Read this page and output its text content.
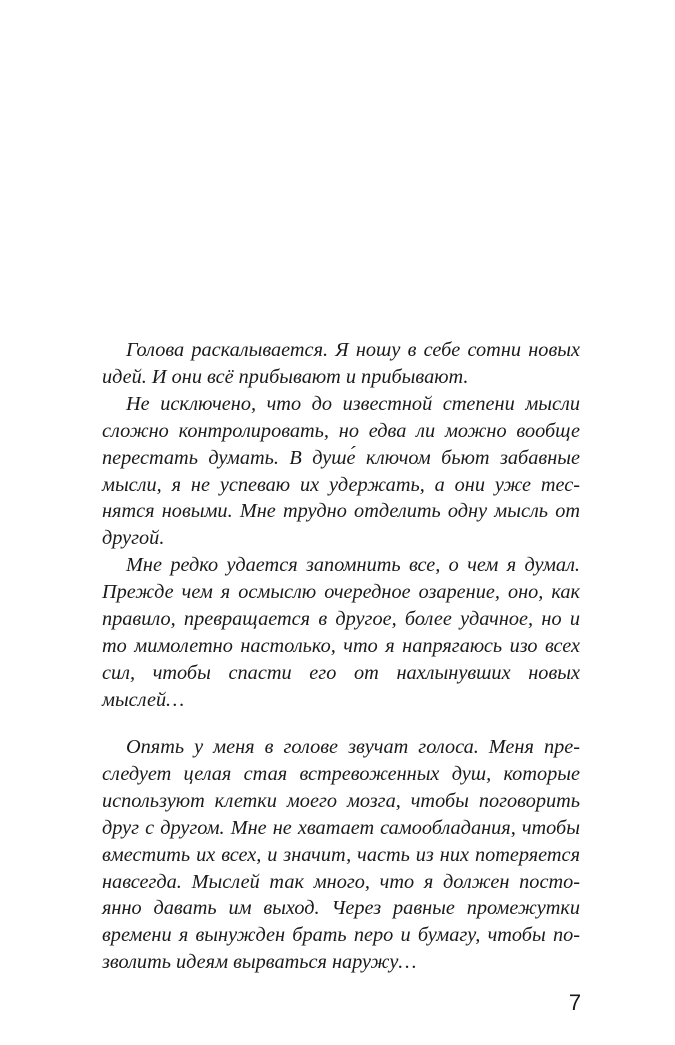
Голова раскалывается. Я ношу в себе сотни новых идей. И они всё прибывают и прибывают.

Не исключено, что до известной степени мысли сложно контролировать, но едва ли можно вообще перестать думать. В душе́ ключом бьют забавные мысли, я не успеваю их удержать, а они уже теснятся новыми. Мне трудно отделить одну мысль от другой.

Мне редко удается запомнить все, о чем я думал. Прежде чем я осмыслю очередное озарение, оно, как правило, превращается в другое, более удачное, но и то мимолетно настолько, что я напрягаюсь изо всех сил, чтобы спасти его от нахлынувших новых мыслей…

Опять у меня в голове звучат голоса. Меня преследует целая стая встревоженных душ, которые используют клетки моего мозга, чтобы поговорить друг с другом. Мне не хватает самообладания, чтобы вместить их всех, и значит, часть из них потеряется навсегда. Мыслей так много, что я должен постоянно давать им выход. Через равные промежутки времени я вынужден брать перо и бумагу, чтобы позволить идеям вырваться наружу…

7
